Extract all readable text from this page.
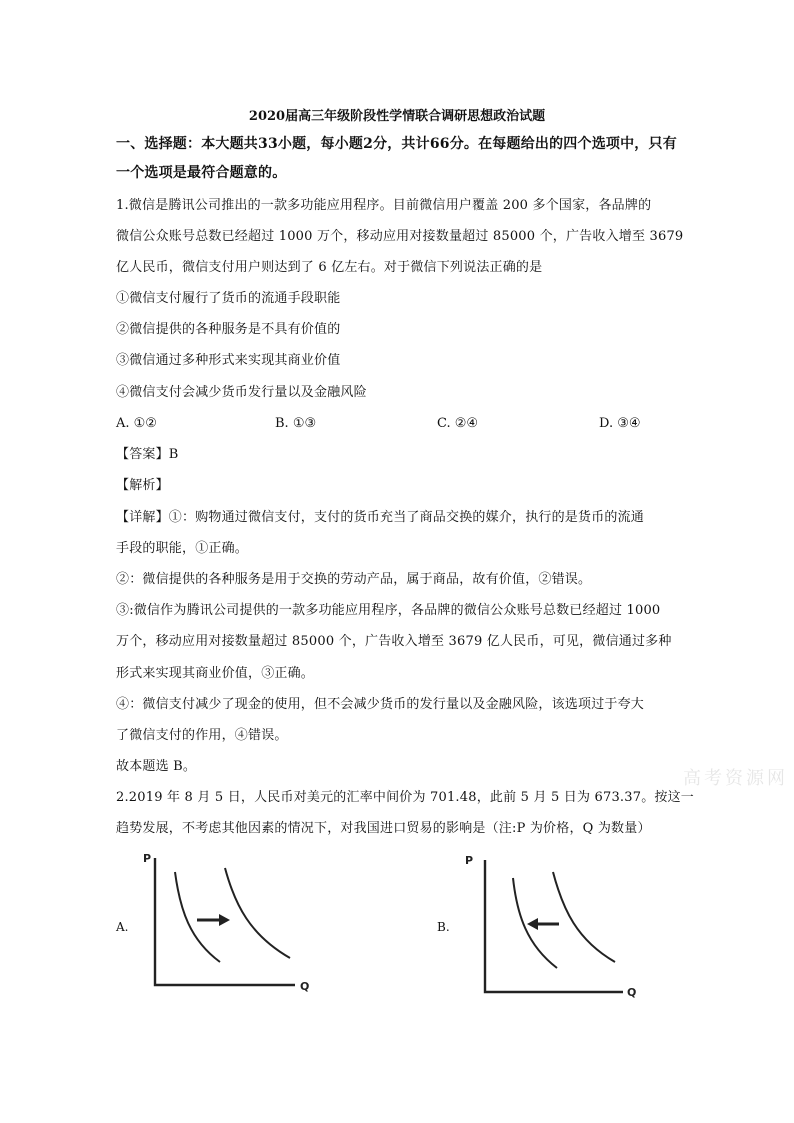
2020届高三年级阶段性学情联合调研思想政治试题
一、选择题：本大题共33小题，每小题2分，共计66分。在每题给出的四个选项中，只有
一个选项是最符合题意的。
1.微信是腾讯公司推出的一款多功能应用程序。目前微信用户覆盖 200 多个国家，各品牌的
微信公众账号总数已经超过 1000 万个，移动应用对接数量超过 85000 个，广告收入增至 3679
亿人民币，微信支付用户则达到了 6 亿左右。对于微信下列说法正确的是
①微信支付履行了货币的流通手段职能
②微信提供的各种服务是不具有价值的
③微信通过多种形式来实现其商业价值
④微信支付会减少货币发行量以及金融风险
A. ①②	B. ①③	C. ②④	D. ③④
【答案】B
【解析】
【详解】①：购物通过微信支付，支付的货币充当了商品交换的媒介，执行的是货币的流通
手段的职能，①正确。
②：微信提供的各种服务是用于交换的劳动产品，属于商品，故有价值，②错误。
③:微信作为腾讯公司提供的一款多功能应用程序，各品牌的微信公众账号总数已经超过 1000
万个，移动应用对接数量超过 85000 个，广告收入增至 3679 亿人民币，可见，微信通过多种
形式来实现其商业价值，③正确。
④：微信支付减少了现金的使用，但不会减少货币的发行量以及金融风险，该选项过于夸大
了微信支付的作用，④错误。
故本题选 B。
高考资源网
2.2019 年 8 月 5 日，人民币对美元的汇率中间价为 701.48，此前 5 月 5 日为 673.37。按这一
趋势发展，不考虑其他因素的情况下，对我国进口贸易的影响是（注:P 为价格，Q 为数量）
A.
P
Q
B.
P
Q
